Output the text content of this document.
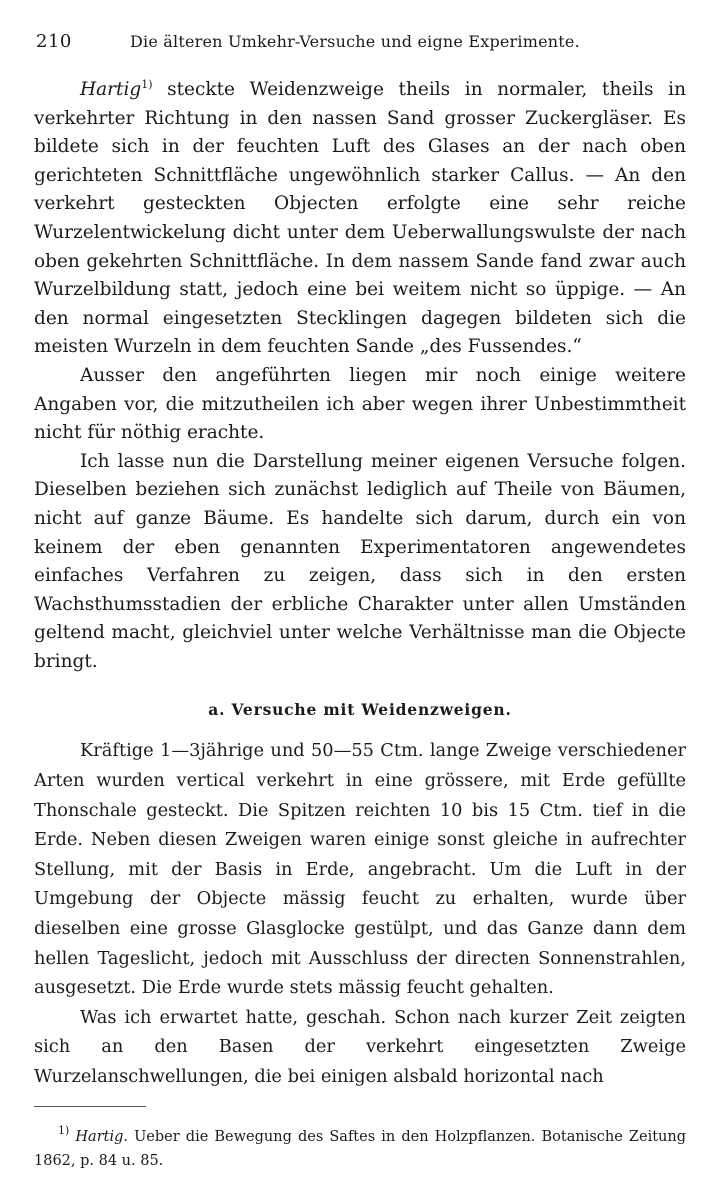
210	Die älteren Umkehr-Versuche und eigne Experimente.

Hartig$^{1)}$ steckte Weidenzweige theils in normaler, theils in verkehrter Richtung in den nassen Sand grosser Zuckergläser. Es bildete sich in der feuchten Luft des Glases an der nach oben gerichteten Schnittfläche ungewöhnlich starker Callus. — An den verkehrt gesteckten Objecten erfolgte eine sehr reiche Wurzelentwickelung dicht unter dem Ueberwallungswulste der nach oben gekehrten Schnittfläche. In dem nassem Sande fand zwar auch Wurzelbildung statt, jedoch eine bei weitem nicht so üppige. — An den normal eingesetzten Stecklingen dagegen bildeten sich die meisten Wurzeln in dem feuchten Sande „des Fussendes.“

Ausser den angeführten liegen mir noch einige weitere Angaben vor, die mitzutheilen ich aber wegen ihrer Unbestimmtheit nicht für nöthig erachte.

Ich lasse nun die Darstellung meiner eigenen Versuche folgen. Dieselben beziehen sich zunächst lediglich auf Theile von Bäumen, nicht auf ganze Bäume. Es handelte sich darum, durch ein von keinem der eben genannten Experimentatoren angewendetes einfaches Verfahren zu zeigen, dass sich in den ersten Wachsthumsstadien der erbliche Charakter unter allen Umständen geltend macht, gleichviel unter welche Verhältnisse man die Objecte bringt.

a. Versuche mit Weidenzweigen.

Kräftige 1—3jährige und 50—55 Ctm. lange Zweige verschiedener Arten wurden vertical verkehrt in eine grössere, mit Erde gefüllte Thonschale gesteckt. Die Spitzen reichten 10 bis 15 Ctm. tief in die Erde. Neben diesen Zweigen waren einige sonst gleiche in aufrechter Stellung, mit der Basis in Erde, angebracht. Um die Luft in der Umgebung der Objecte mässig feucht zu erhalten, wurde über dieselben eine grosse Glasglocke gestülpt, und das Ganze dann dem hellen Tageslicht, jedoch mit Ausschluss der directen Sonnenstrahlen, ausgesetzt. Die Erde wurde stets mässig feucht gehalten.

Was ich erwartet hatte, geschah. Schon nach kurzer Zeit zeigten sich an den Basen der verkehrt eingesetzten Zweige Wurzelanschwellungen, die bei einigen alsbald horizontal nach

$^{1)}$ Hartig. Ueber die Bewegung des Saftes in den Holzpflanzen. Botanische Zeitung 1862, p. 84 u. 85.
